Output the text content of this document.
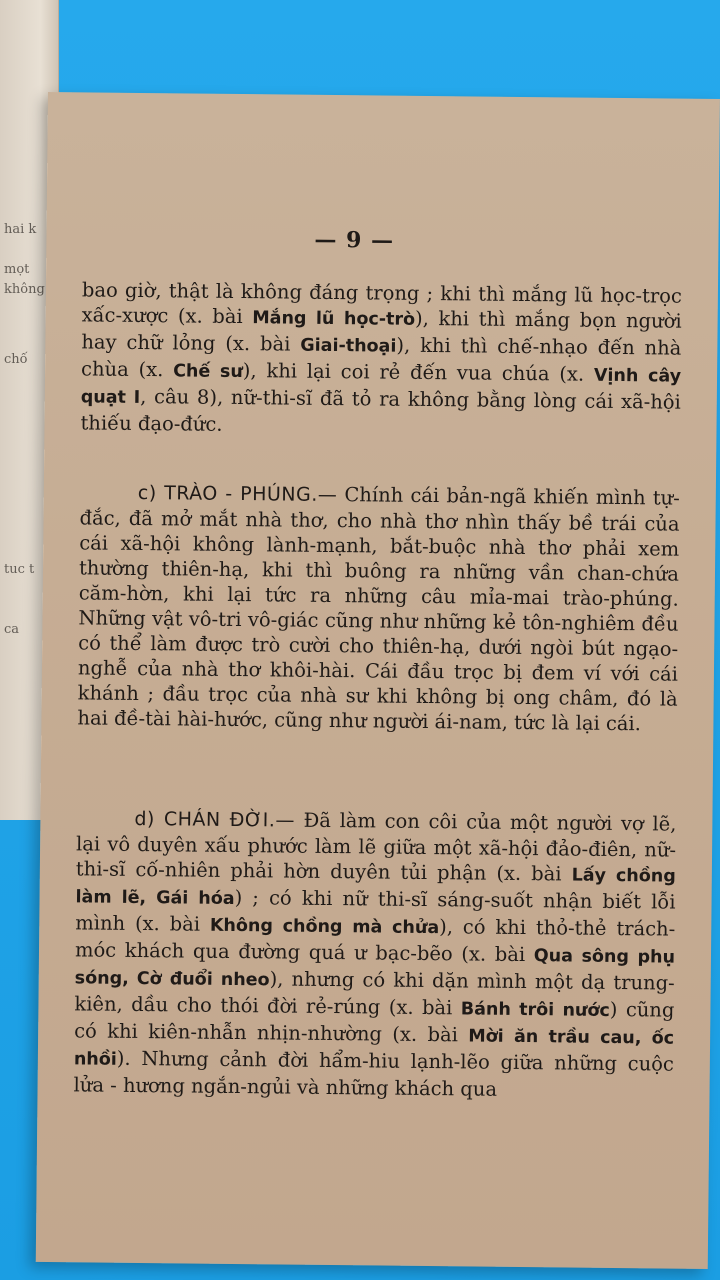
hai k
mọt
không
chố
tuc t
ca
— 9 —

bao giờ, thật là không đáng trọng ; khi thì mắng lũ học-trọc xấc-xược (x. bài Mắng lũ học-trò), khi thì mắng bọn người hay chữ lỏng (x. bài Giai-thoại), khi thì chế-nhạo đến nhà chùa (x. Chế sư), khi lại coi rẻ đến vua chúa (x. Vịnh cây quạt I, câu 8), nữ-thi-sĩ đã tỏ ra không bằng lòng cái xã-hội thiếu đạo-đức.

c) TRÀO - PHÚNG.— Chính cái bản-ngã khiến mình tự-đắc, đã mở mắt nhà thơ, cho nhà thơ nhìn thấy bề trái của cái xã-hội không lành-mạnh, bắt-buộc nhà thơ phải xem thường thiên-hạ, khi thì buông ra những vần chan-chứa căm-hờn, khi lại tức ra những câu mỉa-mai trào-phúng. Những vật vô-tri vô-giác cũng như những kẻ tôn-nghiêm đều có thể làm được trò cười cho thiên-hạ, dưới ngòi bút ngạo-nghễ của nhà thơ khôi-hài. Cái đầu trọc bị đem ví với cái khánh ; đầu trọc của nhà sư khi không bị ong châm, đó là hai đề-tài hài-hước, cũng như người ái-nam, tức là lại cái.

d) CHÁN ĐỜI.— Đã làm con côi của một người vợ lẽ, lại vô duyên xấu phước làm lẽ giữa một xã-hội đảo-điên, nữ-thi-sĩ cố-nhiên phải hờn duyên tủi phận (x. bài Lấy chồng làm lẽ, Gái hóa) ; có khi nữ thi-sĩ sáng-suốt nhận biết lỗi mình (x. bài Không chồng mà chửa), có khi thỏ-thẻ trách-móc khách qua đường quá ư bạc-bẽo (x. bài Qua sông phụ sóng, Cờ đuổi nheo), nhưng có khi dặn mình một dạ trung-kiên, dầu cho thói đời rẻ-rúng (x. bài Bánh trôi nước) cũng có khi kiên-nhẫn nhịn-nhường (x. bài Mời ăn trầu cau, ốc nhồi). Nhưng cảnh đời hẩm-hiu lạnh-lẽo giữa những cuộc lửa - hương ngắn-ngủi và những khách qua
